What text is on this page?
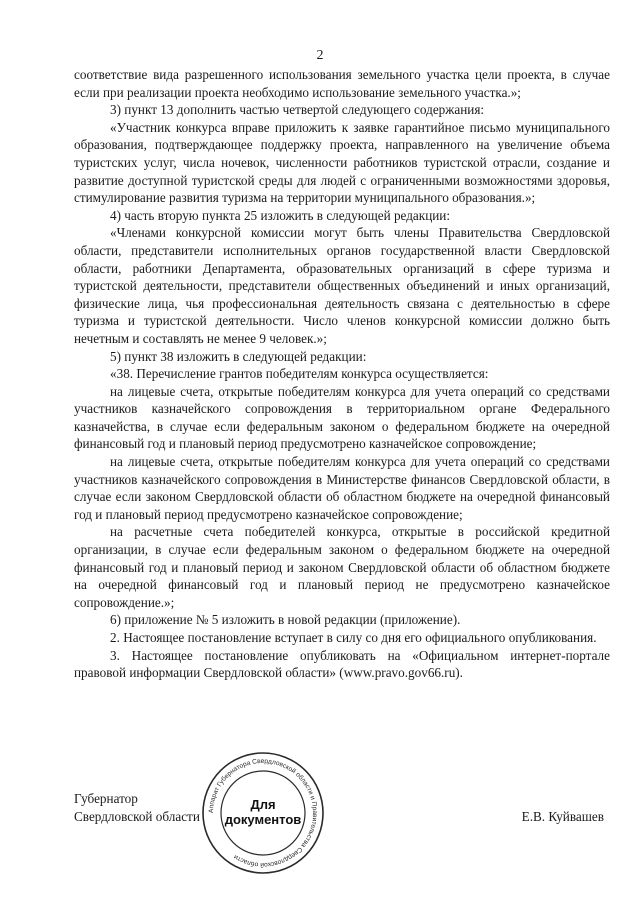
2

соответствие вида разрешенного использования земельного участка цели проекта, в случае если при реализации проекта необходимо использование земельного участка.»;

3) пункт 13 дополнить частью четвертой следующего содержания:

«Участник конкурса вправе приложить к заявке гарантийное письмо муниципального образования, подтверждающее поддержку проекта, направленного на увеличение объема туристских услуг, числа ночевок, численности работников туристской отрасли, создание и развитие доступной туристской среды для людей с ограниченными возможностями здоровья, стимулирование развития туризма на территории муниципального образования.»;

4) часть вторую пункта 25 изложить в следующей редакции:

«Членами конкурсной комиссии могут быть члены Правительства Свердловской области, представители исполнительных органов государственной власти Свердловской области, работники Департамента, образовательных организаций в сфере туризма и туристской деятельности, представители общественных объединений и иных организаций, физические лица, чья профессиональная деятельность связана с деятельностью в сфере туризма и туристской деятельности. Число членов конкурсной комиссии должно быть нечетным и составлять не менее 9 человек.»;

5) пункт 38 изложить в следующей редакции:

«38. Перечисление грантов победителям конкурса осуществляется:

на лицевые счета, открытые победителям конкурса для учета операций со средствами участников казначейского сопровождения в территориальном органе Федерального казначейства, в случае если федеральным законом о федеральном бюджете на очередной финансовый год и плановый период предусмотрено казначейское сопровождение;

на лицевые счета, открытые победителям конкурса для учета операций со средствами участников казначейского сопровождения в Министерстве финансов Свердловской области, в случае если законом Свердловской области об областном бюджете на очередной финансовый год и плановый период предусмотрено казначейское сопровождение;

на расчетные счета победителей конкурса, открытые в российской кредитной организации, в случае если федеральным законом о федеральном бюджете на очередной финансовый год и плановый период и законом Свердловской области об областном бюджете на очередной финансовый год и плановый период не предусмотрено казначейское сопровождение.»;

6) приложение № 5 изложить в новой редакции (приложение).

2. Настоящее постановление вступает в силу со дня его официального опубликования.

3. Настоящее постановление опубликовать на «Официальном интернет-портале правовой информации Свердловской области» (www.pravo.gov66.ru).

Губернатор
Свердловской области	Е.В. Куйвашев
Аппарат Губернатора Свердловской области и Правительства Свердловской области
Для
документов
